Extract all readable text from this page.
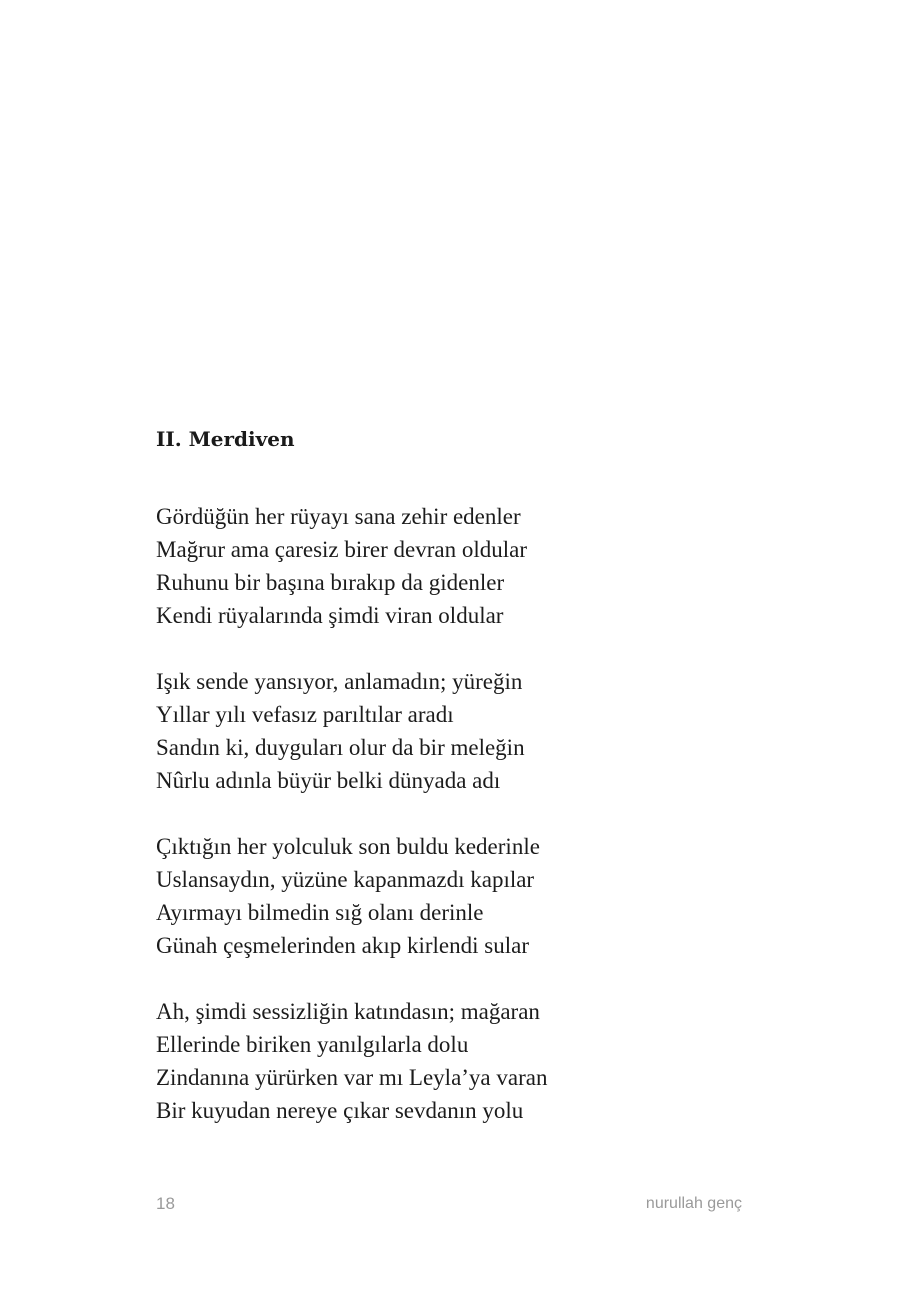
II. Merdiven
Gördüğün her rüyayı sana zehir edenler
Mağrur ama çaresiz birer devran oldular
Ruhunu bir başına bırakıp da gidenler
Kendi rüyalarında şimdi viran oldular
Işık sende yansıyor, anlamadın; yüreğin
Yıllar yılı vefasız parıltılar aradı
Sandın ki, duyguları olur da bir meleğin
Nûrlu adınla büyür belki dünyada adı
Çıktığın her yolculuk son buldu kederinle
Uslansaydın, yüzüne kapanmazdı kapılar
Ayırmayı bilmedin sığ olanı derinle
Günah çeşmelerinden akıp kirlendi sular
Ah, şimdi sessizliğin katındasın; mağaran
Ellerinde biriken yanılgılarla dolu
Zindanına yürürken var mı Leyla’ya varan
Bir kuyudan nereye çıkar sevdanın yolu
18	nurullah genç
